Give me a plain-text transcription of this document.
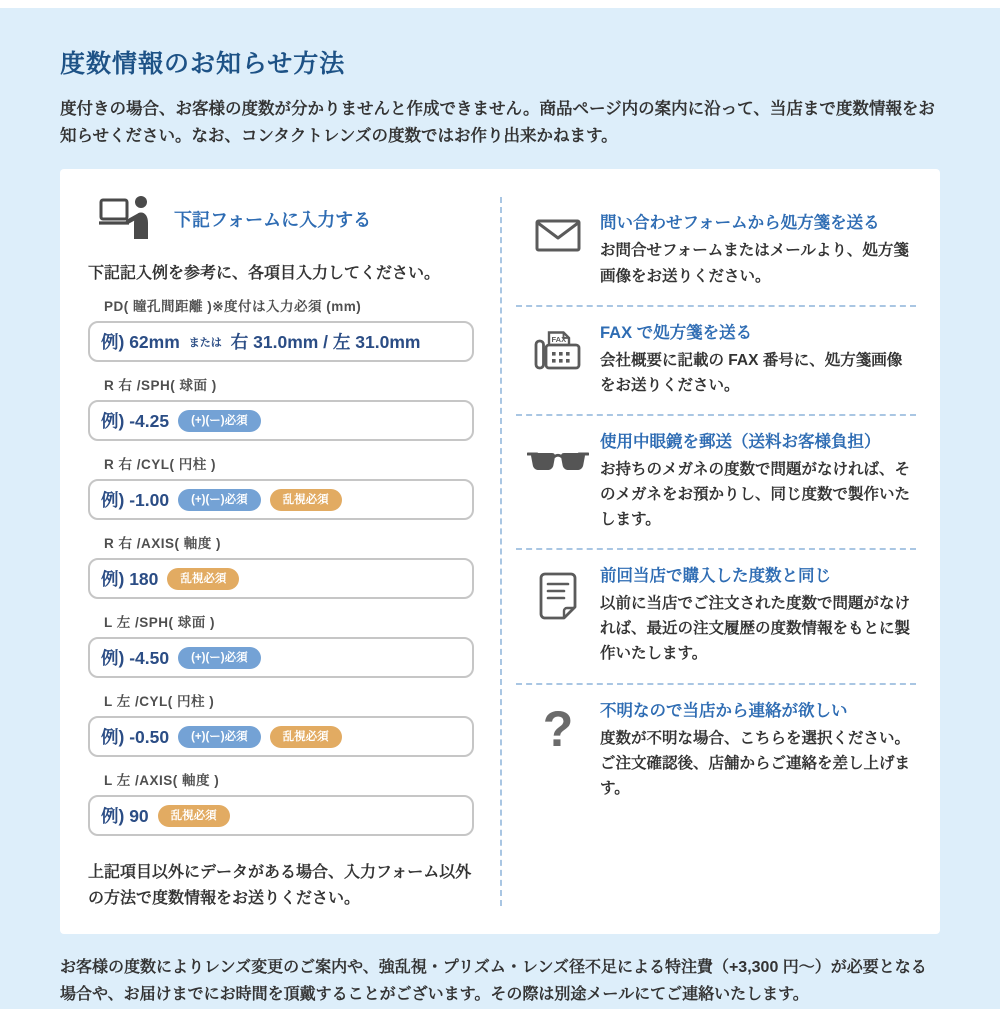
度数情報のお知らせ方法

度付きの場合、お客様の度数が分かりませんと作成できません。商品ページ内の案内に沿って、当店まで度数情報をお知らせください。なお、コンタクトレンズの度数ではお作り出来かねます。

下記フォームに入力する

下記記入例を参考に、各項目入力してください。

PD( 瞳孔間距離 )※度付は入力必須 (mm)
例) 62mm または 右 31.0mm / 左 31.0mm
R 右 /SPH( 球面 )
例) -4.25	(+)(ー)必須
R 右 /CYL( 円柱 )
例) -1.00	(+)(ー)必須	乱視必須
R 右 /AXIS( 軸度 )
例) 180	乱視必須
L 左 /SPH( 球面 )
例) -4.50	(+)(ー)必須
L 左 /CYL( 円柱 )
例) -0.50	(+)(ー)必須	乱視必須
L 左 /AXIS( 軸度 )
例) 90	乱視必須

上記項目以外にデータがある場合、入力フォーム以外の方法で度数情報をお送りください。

問い合わせフォームから処方箋を送る

お問合せフォームまたはメールより、処方箋画像をお送りください。

FAX FAX で処方箋を送る

会社概要に記載の FAX 番号に、処方箋画像をお送りください。

使用中眼鏡を郵送（送料お客様負担）

お持ちのメガネの度数で問題がなければ、そのメガネをお預かりし、同じ度数で製作いたします。

前回当店で購入した度数と同じ

以前に当店でご注文された度数で問題がなければ、最近の注文履歴の度数情報をもとに製作いたします。

? 不明なので当店から連絡が欲しい

度数が不明な場合、こちらを選択ください。ご注文確認後、店舗からご連絡を差し上げます。

お客様の度数によりレンズ変更のご案内や、強乱視・プリズム・レンズ径不足による特注費（+3,300 円～）が必要となる場合や、お届けまでにお時間を頂戴することがございます。その際は別途メールにてご連絡いたします。
